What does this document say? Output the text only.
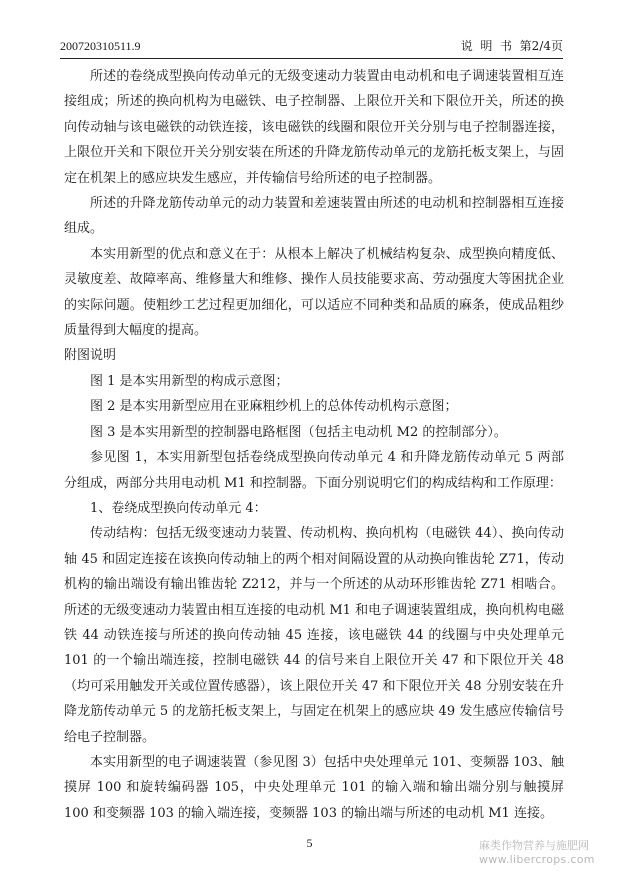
200720310511.9	说  明  书  第2/4页

所述的卷绕成型换向传动单元的无级变速动力装置由电动机和电子调速装置相互连接组成；所述的换向机构为电磁铁、电子控制器、上限位开关和下限位开关，所述的换向传动轴与该电磁铁的动铁连接，该电磁铁的线圈和限位开关分别与电子控制器连接，上限位开关和下限位开关分别安装在所述的升降龙筋传动单元的龙筋托板支架上，与固定在机架上的感应块发生感应，并传输信号给所述的电子控制器。

所述的升降龙筋传动单元的动力装置和差速装置由所述的电动机和控制器相互连接组成。

本实用新型的优点和意义在于：从根本上解决了机械结构复杂、成型换向精度低、灵敏度差、故障率高、维修量大和维修、操作人员技能要求高、劳动强度大等困扰企业的实际问题。使粗纱工艺过程更加细化，可以适应不同种类和品质的麻条，使成品粗纱质量得到大幅度的提高。

附图说明

图 1 是本实用新型的构成示意图；

图 2 是本实用新型应用在亚麻粗纱机上的总体传动机构示意图；

图 3 是本实用新型的控制器电路框图（包括主电动机 M2 的控制部分）。

参见图 1，本实用新型包括卷绕成型换向传动单元 4 和升降龙筋传动单元 5 两部分组成，两部分共用电动机 M1 和控制器。下面分别说明它们的构成结构和工作原理：

1、卷绕成型换向传动单元 4：

传动结构：包括无级变速动力装置、传动机构、换向机构（电磁铁 44）、换向传动轴 45 和固定连接在该换向传动轴上的两个相对间隔设置的从动换向锥齿轮 Z71，传动机构的输出端设有输出锥齿轮 Z212，并与一个所述的从动环形锥齿轮 Z71 相啮合。所述的无级变速动力装置由相互连接的电动机 M1 和电子调速装置组成，换向机构电磁铁 44 动铁连接与所述的换向传动轴 45 连接，该电磁铁 44 的线圈与中央处理单元 101 的一个输出端连接，控制电磁铁 44 的信号来自上限位开关 47 和下限位开关 48（均可采用触发开关或位置传感器），该上限位开关 47 和下限位开关 48 分别安装在升降龙筋传动单元 5 的龙筋托板支架上，与固定在机架上的感应块 49 发生感应传输信号给电子控制器。

本实用新型的电子调速装置（参见图 3）包括中央处理单元 101、变频器 103、触摸屏 100 和旋转编码器 105，中央处理单元 101 的输入端和输出端分别与触摸屏 100 和变频器 103 的输入端连接，变频器 103 的输出端与所述的电动机 M1 连接。

5	麻类作物营养与施肥网
www.libercrops.com
